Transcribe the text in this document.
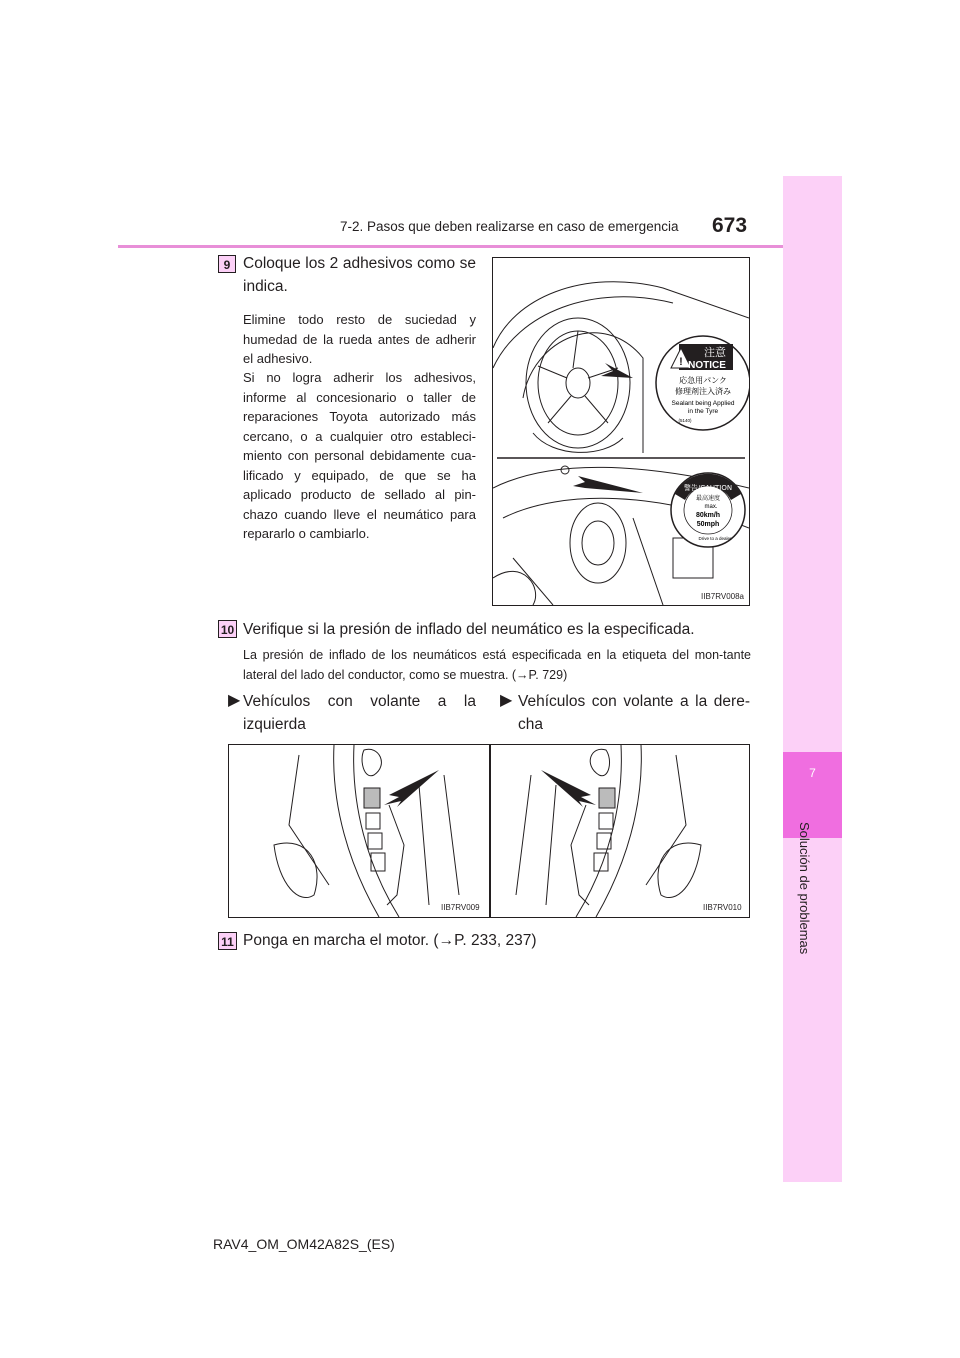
7-2. Pasos que deben realizarse en caso de emergencia 673
7
Solución de problemas
9 Coloque los 2 adhesivos como se indica.
Elimine todo resto de suciedad y humedad de la rueda antes de adherir el adhesivo.
Si no logra adherir los adhesivos, informe al concesionario o taller de reparaciones Toyota autorizado más cercano, o a cualquier otro estableci-miento con personal debidamente cua-lificado y equipado, de que se ha aplicado producto de sellado al pin-chazo cuando lleve el neumático para repararlo o cambiarlo.
!
注意
NOTICE
応急用パンク
修理剤注入済み
Sealant being Applied
in the Tyre
(5140)
警告/CAUTION
最高速度
max.
80km/h
50mph
Drive to a dealer
IIB7RV008a
10 Verifique si la presión de inflado del neumático es la especificada.
La presión de inflado de los neumáticos está especificada en la etiqueta del mon-tante lateral del lado del conductor, como se muestra. (→P. 729)
▶ Vehículos con volante a la izquierda
▶ Vehículos con volante a la dere-cha
IIB7RV009	IIB7RV010
11 Ponga en marcha el motor. (→P. 233, 237)
RAV4_OM_OM42A82S_(ES)
